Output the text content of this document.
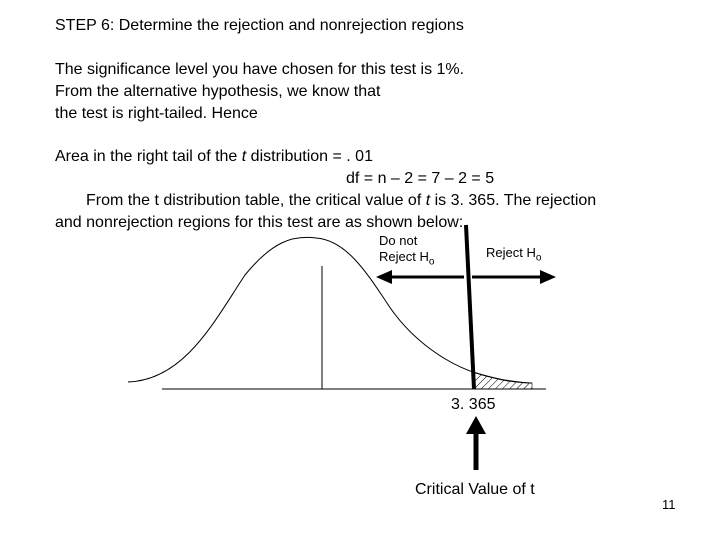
STEP 6: Determine the rejection and nonrejection regions
The significance level you have chosen for this test is 1%.
From the alternative hypothesis, we know that
the test is right-tailed. Hence
Area in the right tail of the t distribution = . 01
df = n – 2 = 7 – 2 = 5
From the t distribution table, the critical value of t is 3. 365. The rejection
and nonrejection regions for this test are as shown below:
Do not
Reject $H_o$
Reject $H_o$
3. 365
Critical Value of t
11
